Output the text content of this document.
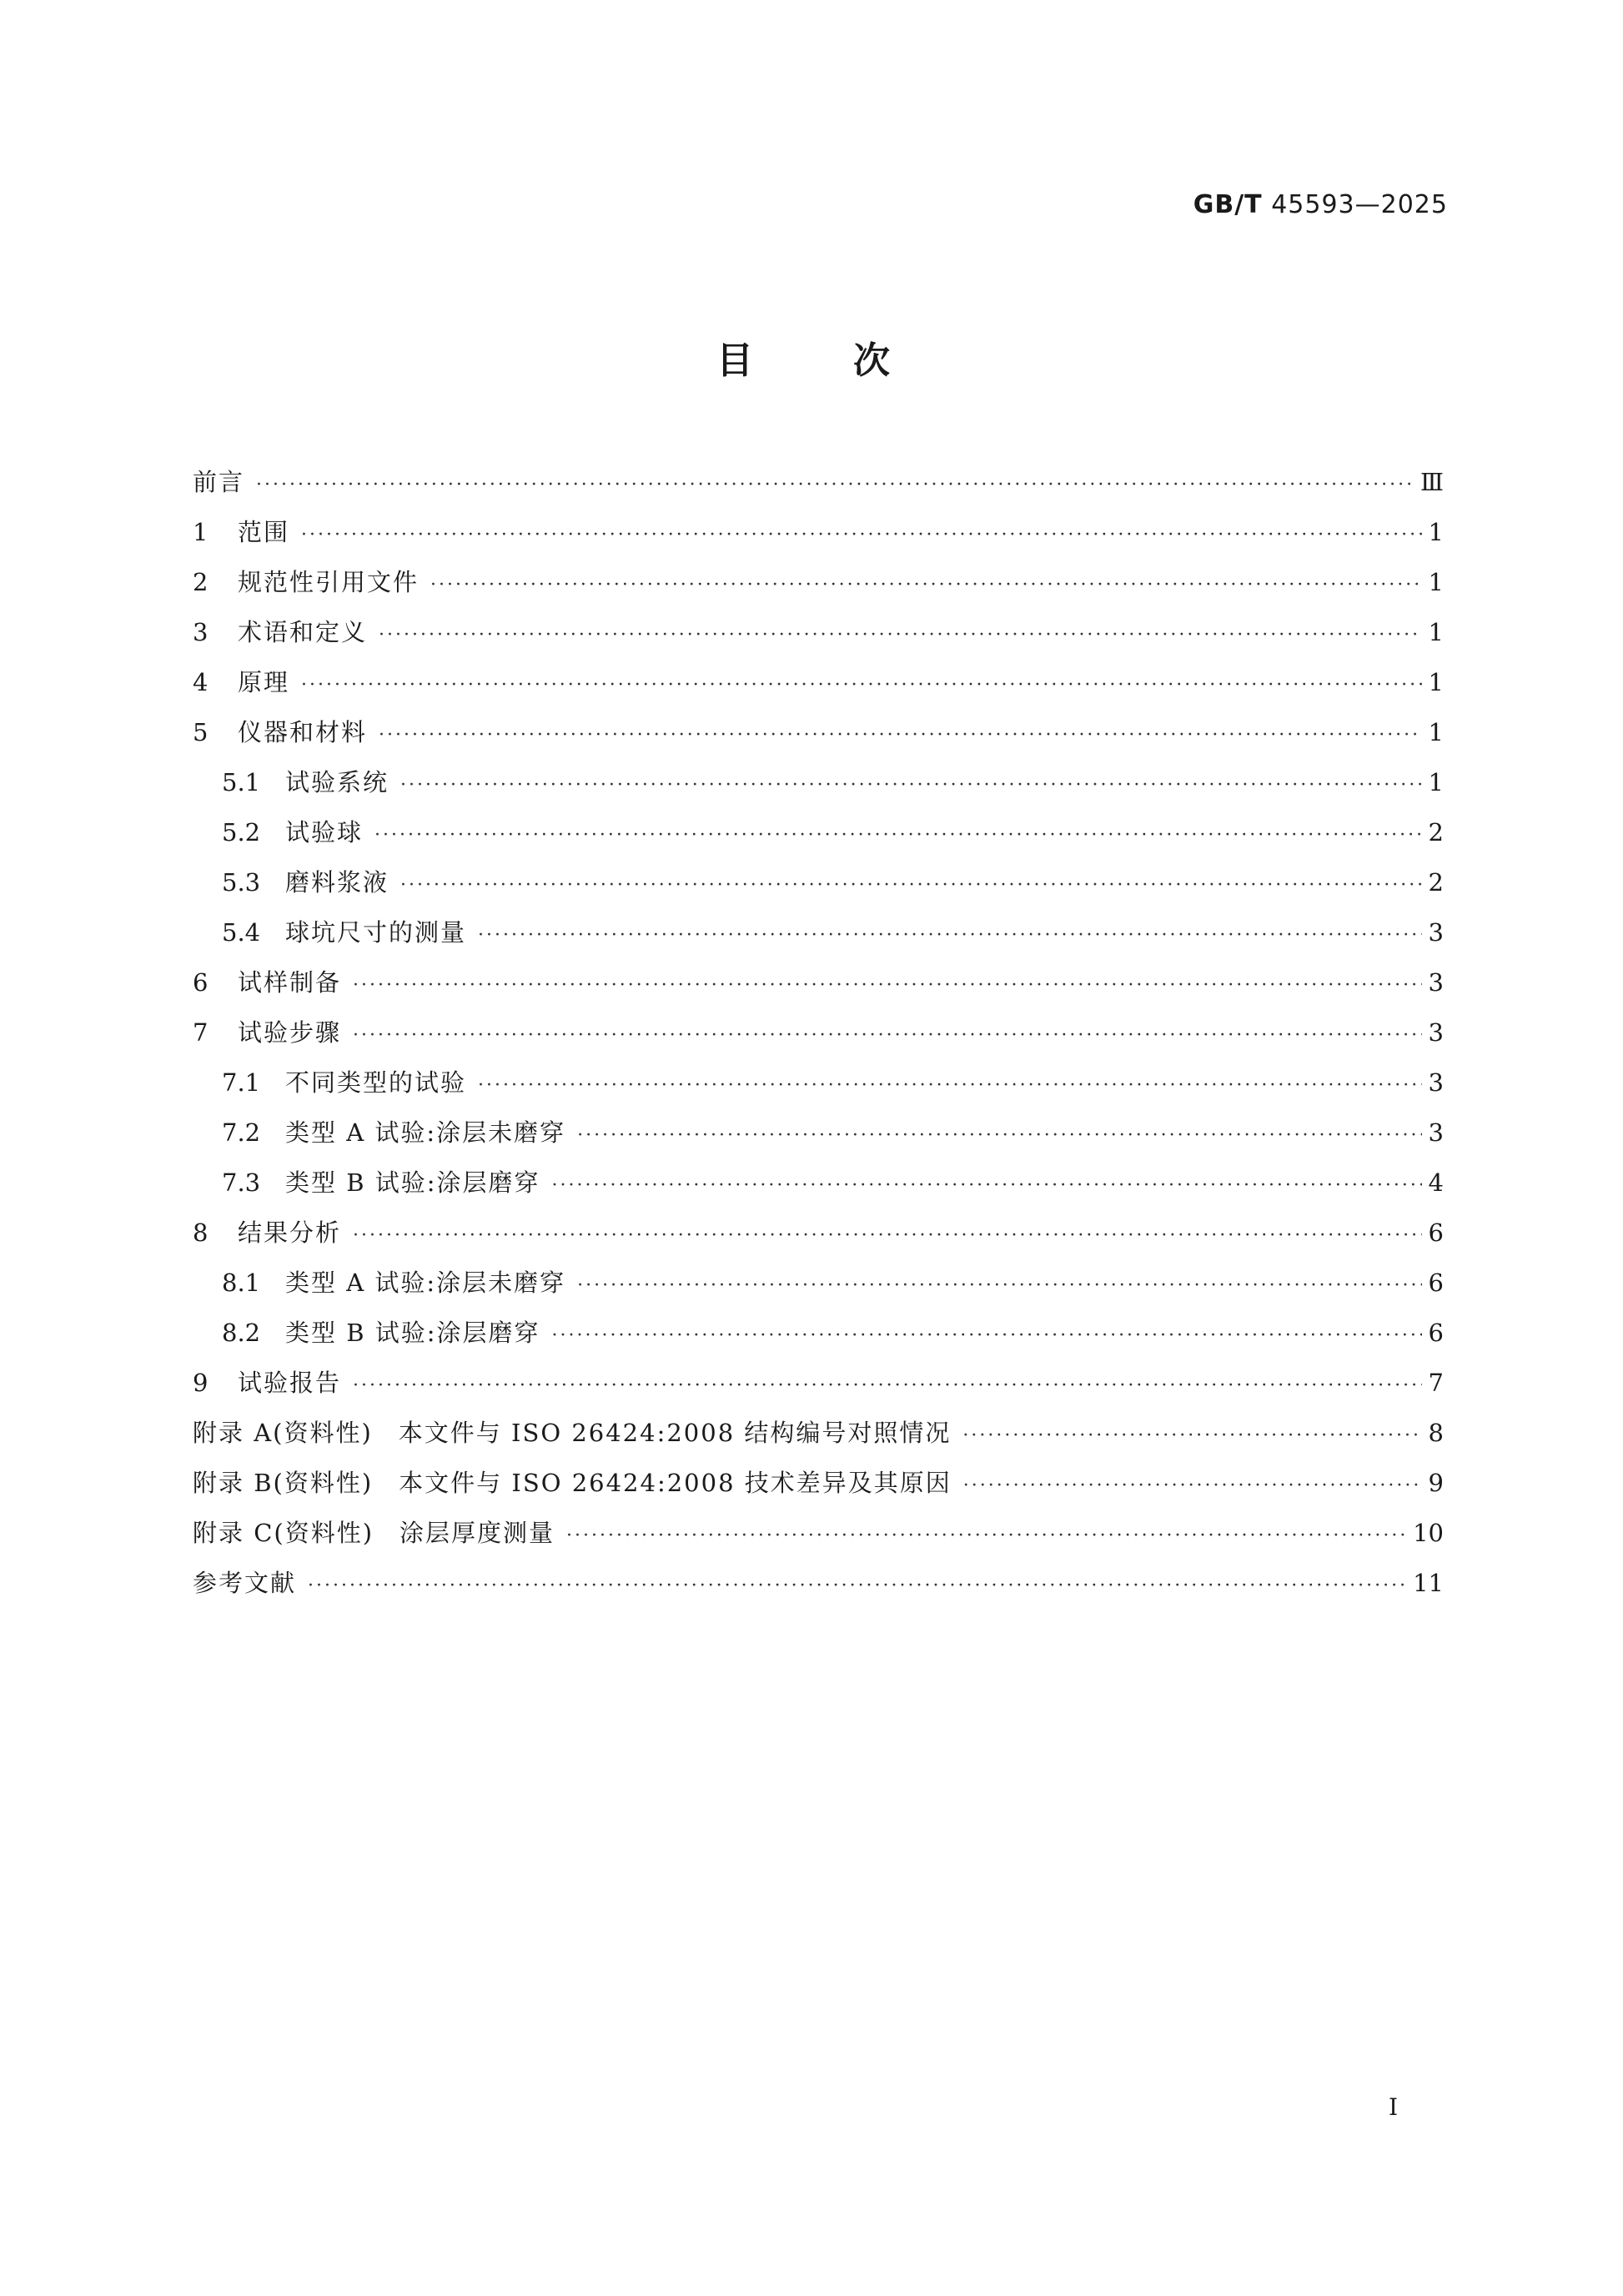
GB/T 45593—2025
目次
前言 ·····	Ⅲ
1	范围 ·····	1
2	规范性引用文件 ·····	1
3	术语和定义 ·····	1
4	原理 ·····	1
5	仪器和材料 ·····	1
5.1	试验系统 ·····	1
5.2	试验球 ·····	2
5.3	磨料浆液 ·····	2
5.4	球坑尺寸的测量 ·····	3
6	试样制备 ·····	3
7	试验步骤 ·····	3
7.1	不同类型的试验 ·····	3
7.2	类型 A 试验:涂层未磨穿 ·····	3
7.3	类型 B 试验:涂层磨穿 ·····	4
8	结果分析 ·····	6
8.1	类型 A 试验:涂层未磨穿 ·····	6
8.2	类型 B 试验:涂层磨穿 ·····	6
9	试验报告 ·····	7
附录 A(资料性)　本文件与 ISO 26424:2008 结构编号对照情况 ·····	8
附录 B(资料性)　本文件与 ISO 26424:2008 技术差异及其原因 ·····	9
附录 C(资料性)　涂层厚度测量 ·····	10
参考文献 ·····	11
I
